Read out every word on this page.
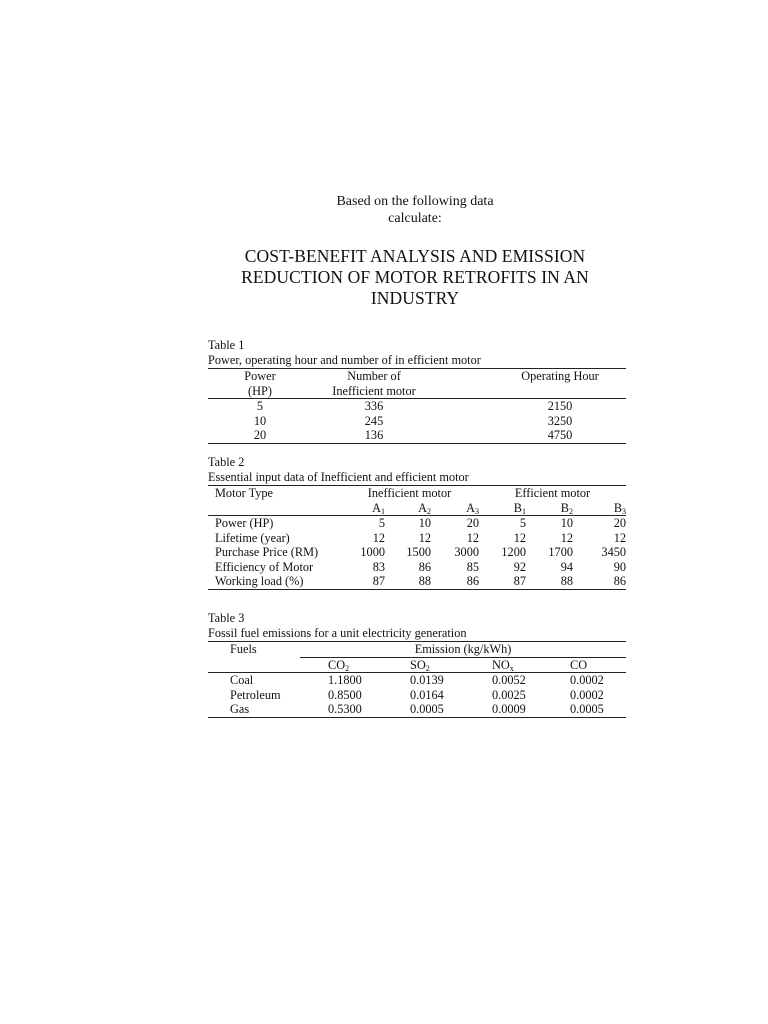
Based on the following data
calculate:
COST-BENEFIT ANALYSIS AND EMISSION
REDUCTION OF MOTOR RETROFITS IN AN
INDUSTRY
Table 1
Power, operating hour and number of in efficient motor
Power	Number of		Operating Hour
(HP)	Inefficient motor		
5	336		2150
10	245		3250
20	136		4750
Table 2
Essential input data of Inefficient and efficient motor
Motor Type	Inefficient motor			Efficient motor		
	$A_1$	$A_2$	$A_3$	$B_1$	$B_2$	$B_3$
Power (HP)	5	10	20	5	10	20
Lifetime (year)	12	12	12	12	12	12
Purchase Price (RM)	1000	1500	3000	1200	1700	3450
Efficiency of Motor	83	86	85	92	94	90
Working load (%)	87	88	86	87	88	86
Table 3
Fossil fuel emissions for a unit electricity generation
Fuels	Emission (kg/kWh)			
	$CO_2$	$SO_2$	$NO_x$	CO
Coal	1.1800	0.0139	0.0052	0.0002
Petroleum	0.8500	0.0164	0.0025	0.0002
Gas	0.5300	0.0005	0.0009	0.0005
